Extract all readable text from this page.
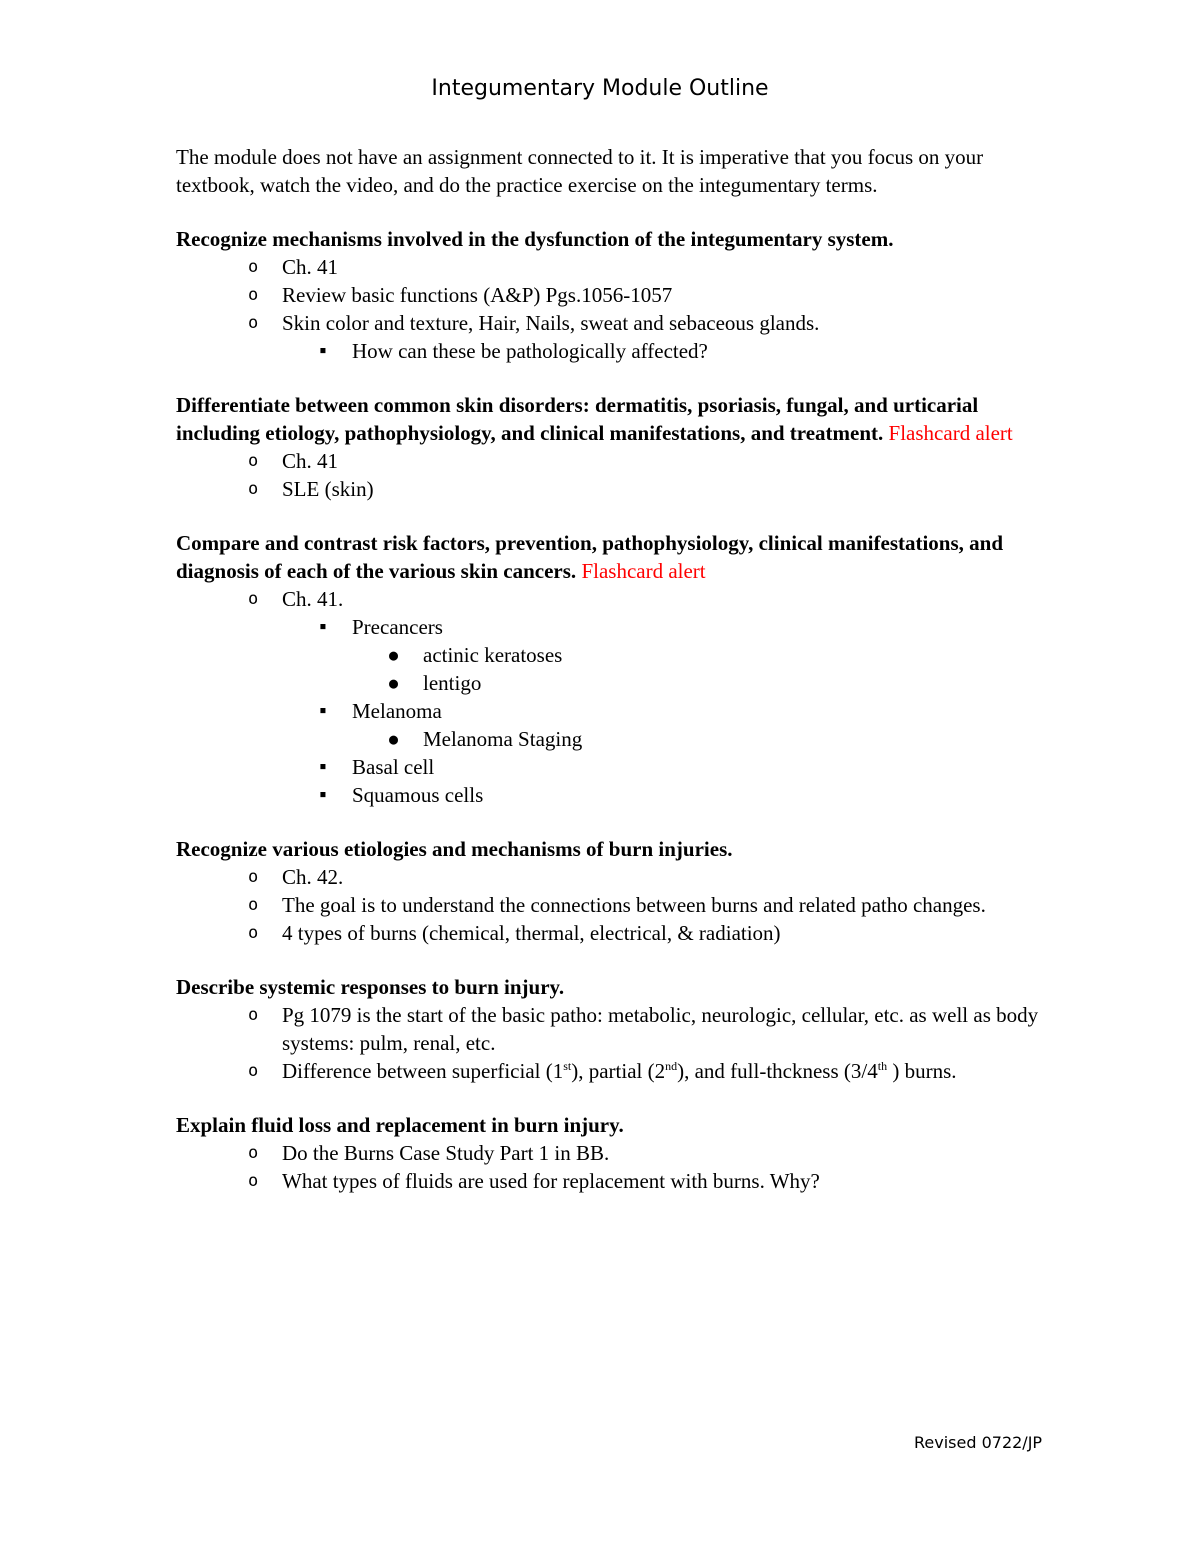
Integumentary Module Outline

The module does not have an assignment connected to it. It is imperative that you focus on your textbook, watch the video, and do the practice exercise on the integumentary terms.

Recognize mechanisms involved in the dysfunction of the integumentary system.

o Ch. 41
o Review basic functions (A&P) Pgs.1056-1057
o Skin color and texture, Hair, Nails, sweat and sebaceous glands.
▪ How can these be pathologically affected?

Differentiate between common skin disorders: dermatitis, psoriasis, fungal, and urticarial including etiology, pathophysiology, and clinical manifestations, and treatment. Flashcard alert

o Ch. 41
o SLE (skin)

Compare and contrast risk factors, prevention, pathophysiology, clinical manifestations, and diagnosis of each of the various skin cancers. Flashcard alert

o Ch. 41.
▪ Precancers
● actinic keratoses
● lentigo
▪ Melanoma
● Melanoma Staging
▪ Basal cell
▪ Squamous cells

Recognize various etiologies and mechanisms of burn injuries.

o Ch. 42.
o The goal is to understand the connections between burns and related patho changes.
o 4 types of burns (chemical, thermal, electrical, & radiation)

Describe systemic responses to burn injury.

o Pg 1079 is the start of the basic patho: metabolic, neurologic, cellular, etc. as well as body systems: pulm, renal, etc.
o Difference between superficial (1st), partial (2nd), and full-thckness (3/4th ) burns.

Explain fluid loss and replacement in burn injury.

o Do the Burns Case Study Part 1 in BB.
o What types of fluids are used for replacement with burns. Why?
Revised 0722/JP
